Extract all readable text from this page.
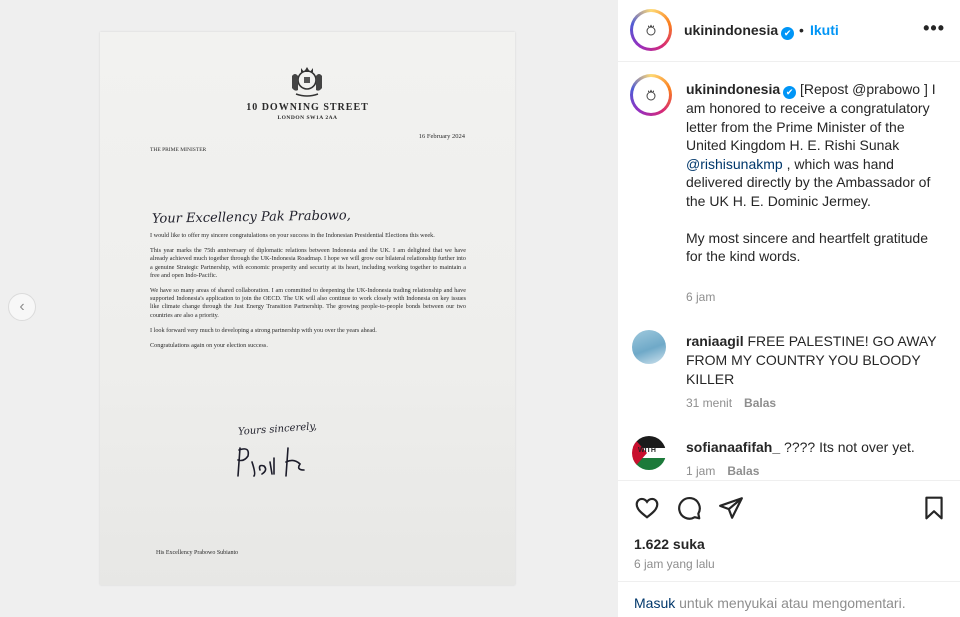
‹
10 DOWNING STREET
LONDON SW1A 2AA
16 February 2024
THE PRIME MINISTER
Your Excellency Pak Prabowo,

I would like to offer my sincere congratulations on your success in the Indonesian Presidential Elections this week.

This year marks the 75th anniversary of diplomatic relations between Indonesia and the UK. I am delighted that we have already achieved much together through the UK-Indonesia Roadmap. I hope we will grow our bilateral relationship further into a genuine Strategic Partnership, with economic prosperity and security at its heart, including working together to maintain a free and open Indo-Pacific.

We have so many areas of shared collaboration. I am committed to deepening the UK-Indonesia trading relationship and have supported Indonesia's application to join the OECD. The UK will also continue to work closely with Indonesia on key issues like climate change through the Just Energy Transition Partnership. The growing people-to-people bonds between our two countries are also a priority.

I look forward very much to developing a strong partnership with you over the years ahead.

Congratulations again on your election success.

Yours sincerely,
His Excellency Prabowo Subianto
ukinindonesia ✔ • Ikuti	•••
ukinindonesia ✔ [Repost @prabowo ] I am honored to receive a congratulatory letter from the Prime Minister of the United Kingdom H. E. Rishi Sunak @rishisunakmp , which was hand delivered directly by the Ambassador of the UK H. E. Dominic Jermey.

My most sincere and heartfelt gratitude for the kind words.
6 jam
raniaagil FREE PALESTINE! GO AWAY FROM MY COUNTRY YOU BLOODY KILLER
31 menit Balas
WITH sofianaafifah_ ???? Its not over yet.
1 jam Balas
1.622 suka
6 jam yang lalu
Masuk untuk menyukai atau mengomentari.
